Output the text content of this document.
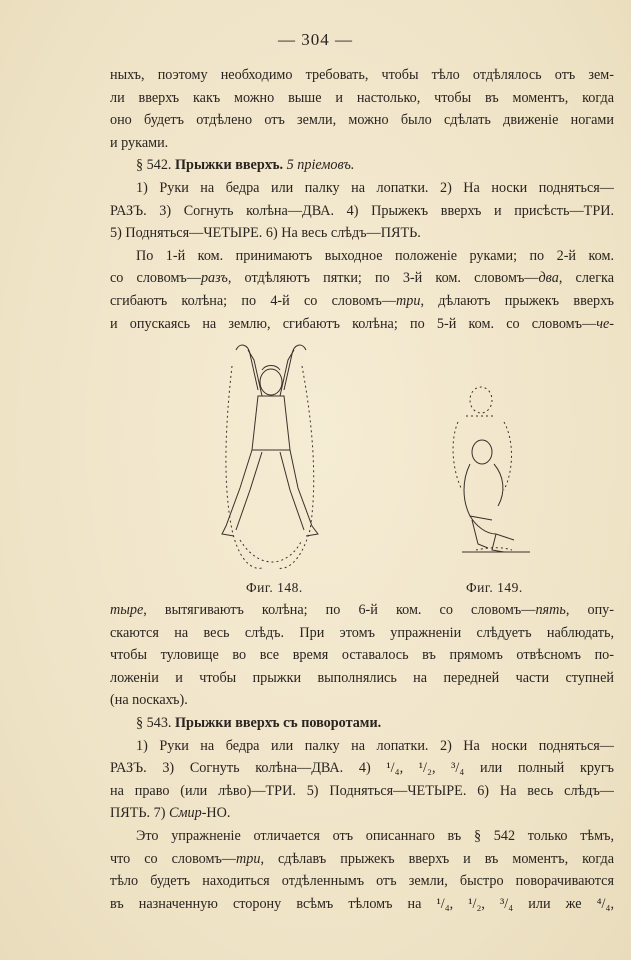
— 304 —
ныхъ, поэтому необходимо требовать, чтобы тѣло отдѣлялось отъ зем-
ли вверхъ какъ можно выше и настолько, чтобы въ моментъ, когда
оно будетъ отдѣлено отъ земли, можно было сдѣлать движеніе ногами
и руками.
§ 542. Прыжки вверхъ. 5 пріемовъ.
1) Руки на бедра или палку на лопатки. 2) На носки подняться—
РАЗЪ. 3) Согнуть колѣна—ДВА. 4) Прыжекъ вверхъ и присѣсть—ТРИ.
5) Подняться—ЧЕТЫРЕ. 6) На весь слѣдъ—ПЯТЬ.
По 1-й ком. принимаютъ выходное положеніе руками; по 2-й ком.
со словомъ—разъ, отдѣляютъ пятки; по 3-й ком. словомъ—два, слегка
сгибаютъ колѣна; по 4-й со словомъ—три, дѣлаютъ прыжекъ вверхъ
и опускаясь на землю, сгибаютъ колѣна; по 5-й ком. со словомъ—че-
Фиг. 148.	Фиг. 149.
тыре, вытягиваютъ колѣна; по 6-й ком. со словомъ—пять, опу-
скаются на весь слѣдъ. При этомъ упражненіи слѣдуетъ наблюдать,
чтобы туловище во все время оставалось въ прямомъ отвѣсномъ по-
ложеніи и чтобы прыжки выполнялись на передней части ступней
(на noскахъ).
§ 543. Прыжки вверхъ съ поворотами.
1) Руки на бедра или палку на лопатки. 2) На носки подняться—
РАЗЪ. 3) Согнуть колѣна—ДВА. 4) ¹/₄, ¹/₂, ³/₄ или полный кругъ
на право (или лѣво)—ТРИ. 5) Подняться—ЧЕТЫРЕ. 6) На весь слѣдъ—
ПЯТЬ. 7) Смир-НО.
Это упражненіе отличается отъ описаннаго въ § 542 только тѣмъ,
что со словомъ—три, сдѣлавъ прыжекъ вверхъ и въ моментъ, когда
тѣло будетъ находиться отдѣленнымъ отъ земли, быстро поворачиваются
въ назначенную сторону всѣмъ тѣломъ на ¹/₄, ¹/₂, ³/₄ или же ⁴/₄,
